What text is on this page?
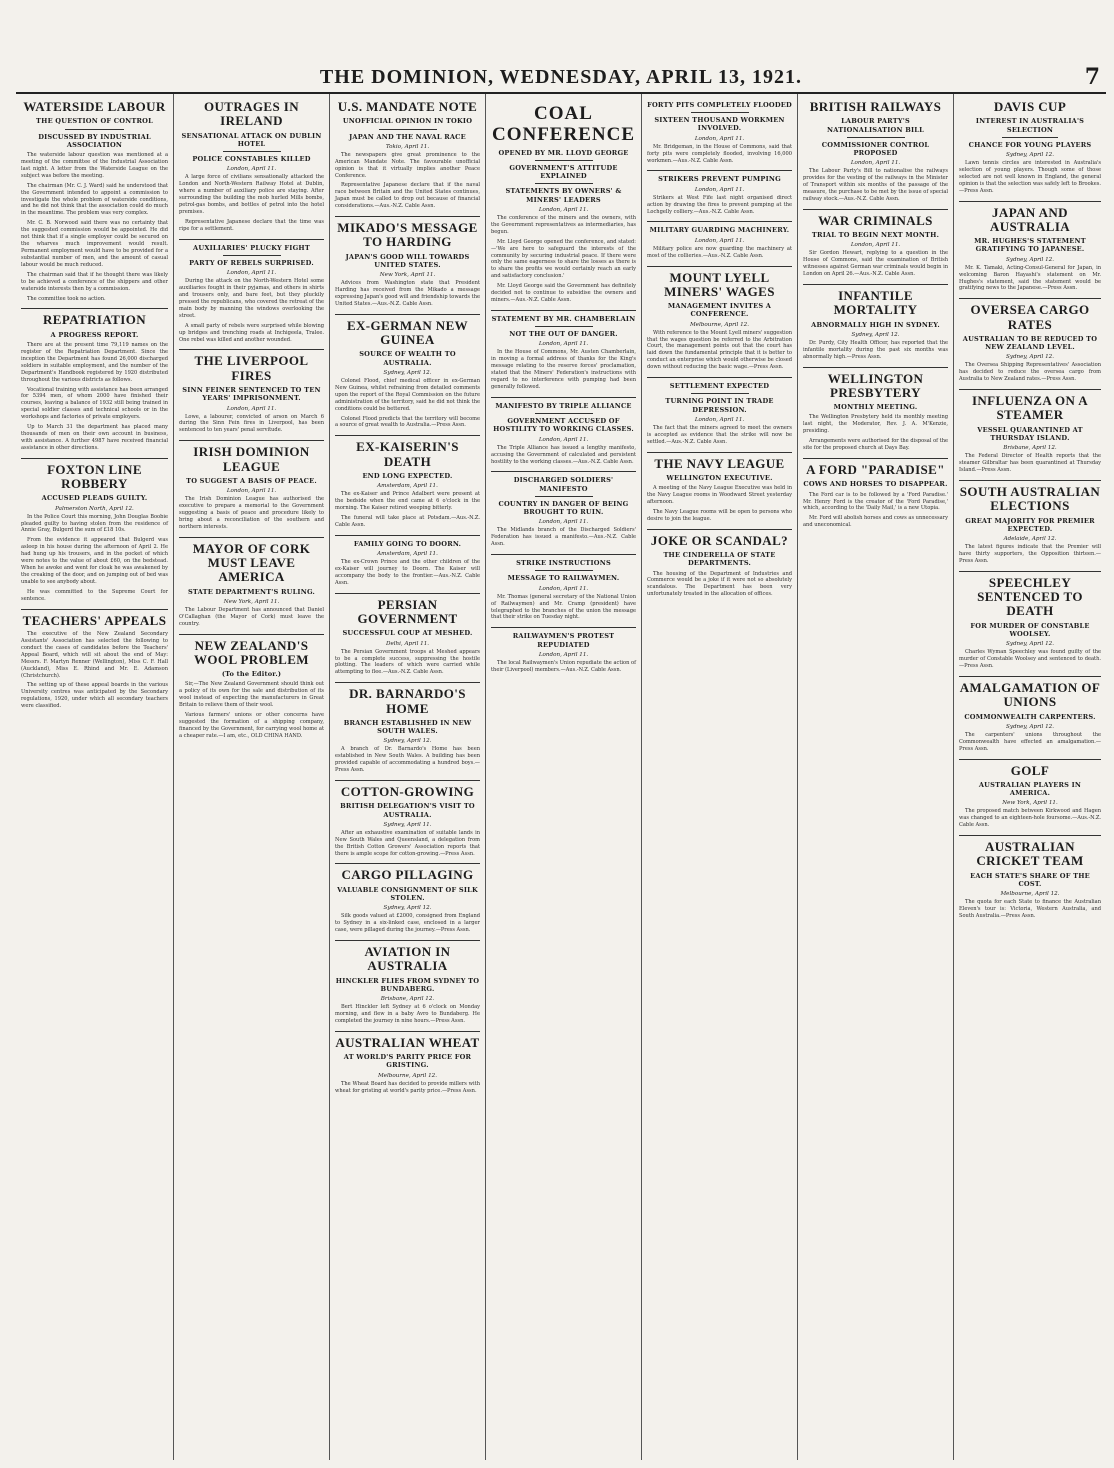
THE DOMINION, WEDNESDAY, APRIL 13, 1921.	7
WATERSIDE LABOUR
THE QUESTION OF CONTROL
DISCUSSED BY INDUSTRIAL ASSOCIATION

The waterside labour question was mentioned at a meeting of the committee of the Industrial Association last night. A letter from the Waterside League on the subject was before the meeting.

The chairman (Mr. C. J. Ward) said he understood that the Government intended to appoint a commission to investigate the whole problem of waterside conditions, and he did not think that the association could do much in the meantime. The problem was very complex.

Mr. C. B. Norwood said there was no certainty that the suggested commission would be appointed. He did not think that if a single employer could be secured on the wharves much improvement would result. Permanent employment would have to be provided for a substantial number of men, and the amount of casual labour would be much reduced.

The chairman said that if he thought there was likely to be achieved a conference of the shippers and other waterside interests then by a commission.

The committee took no action.

REPATRIATION
A PROGRESS REPORT.

There are at the present time 79,119 names on the register of the Repatriation Department. Since the inception the Department has found 26,000 discharged soldiers in suitable employment, and the number of the Department's Handbook registered by 1920 distributed throughout the various districts as follows.

Vocational training with assistance has been arranged for 5394 men, of whom 2000 have finished their courses, leaving a balance of 1932 still being trained in special soldier classes and technical schools or in the workshops and factories of private employers.

Up to March 31 the department has placed many thousands of men on their own account in business, with assistance. A further 4987 have received financial assistance in other directions.

FOXTON LINE ROBBERY
ACCUSED PLEADS GUILTY.
Palmerston North, April 12.

In the Police Court this morning, John Douglas Boobie pleaded guilty to having stolen from the residence of Annie Gray, Bulgerd the sum of £18 10s.

From the evidence it appeared that Bulgerd was asleep in his house during the afternoon of April 2. He had hung up his trousers, and in the pocket of which were notes to the value of about £60, on the bedstead. When he awoke and went for cloak he was awakened by the creaking of the door, and on jumping out of bed was unable to see anybody about.

He was committed to the Supreme Court for sentence.

TEACHERS' APPEALS

The executive of the New Zealand Secondary Assistants' Association has selected the following to conduct the cases of candidates before the Teachers' Appeal Board, which will sit about the end of May: Messrs. F. Martyn Renner (Wellington), Miss C. F. Hall (Auckland), Miss E. Rhind and Mr. E. Adamson (Christchurch).

The setting up of these appeal boards in the various University centres was anticipated by the Secondary regulations, 1920, under which all secondary teachers were classified.

OUTRAGES IN IRELAND
SENSATIONAL ATTACK ON DUBLIN HOTEL
POLICE CONSTABLES KILLED
London, April 11.

A large force of civilians sensationally attacked the London and North-Western Railway Hotel at Dublin, where a number of auxiliary police are staying. After surrounding the building the mob hurled Mills bombs, petrol-gas bombs, and bottles of petrol into the hotel premises.

Representative Japanese declare that the time was ripe for a settlement.

AUXILIARIES' PLUCKY FIGHT
PARTY OF REBELS SURPRISED.
London, April 11.

During the attack on the North-Western Hotel some auxiliaries fought in their pyjamas, and others in shirts and trousers only, and bare feet, but they pluckily pressed the republicans, who covered the retreat of the main body by manning the windows overlooking the street.

A small party of rebels were surprised while blowing up bridges and trenching roads at Inchigeela, Tralee. One rebel was killed and another wounded.

THE LIVERPOOL FIRES
SINN FEINER SENTENCED TO TEN YEARS' IMPRISONMENT.
London, April 11.

Lowe, a labourer, convicted of arson on March 6 during the Sinn Fein fires in Liverpool, has been sentenced to ten years' penal servitude.

IRISH DOMINION LEAGUE
TO SUGGEST A BASIS OF PEACE.
London, April 11.

The Irish Dominion League has authorised the executive to prepare a memorial to the Government suggesting a basis of peace and procedure likely to bring about a reconciliation of the southern and northern interests.

MAYOR OF CORK MUST LEAVE AMERICA
STATE DEPARTMENT'S RULING.
New York, April 11.

The Labour Department has announced that Daniel O'Callaghan (the Mayor of Cork) must leave the country.

NEW ZEALAND'S WOOL PROBLEM
(To the Editor.)

Sir,—The New Zealand Government should think out a policy of its own for the sale and distribution of its wool instead of expecting the manufacturers in Great Britain to relieve them of their wool.

Various farmers' unions or other concerns have suggested the formation of a shipping company, financed by the Government, for carrying wool home at a cheaper rate.—I am, etc., OLD CHINA HAND.

U.S. MANDATE NOTE
UNOFFICIAL OPINION IN TOKIO
JAPAN AND THE NAVAL RACE
Tokio, April 11.

The newspapers give great prominence to the American Mandate Note. The favourable unofficial opinion is that it virtually implies another Peace Conference.

Representative Japanese declare that if the naval race between Britain and the United States continues, Japan must be called to drop out because of financial considerations.—Aus.-N.Z. Cable Assn.

MIKADO'S MESSAGE TO HARDING
JAPAN'S GOOD WILL TOWARDS UNITED STATES.
New York, April 11.

Advices from Washington state that President Harding has received from the Mikado a message expressing Japan's good will and friendship towards the United States.—Aus.-N.Z. Cable Assn.

EX-GERMAN NEW GUINEA
SOURCE OF WEALTH TO AUSTRALIA.
Sydney, April 12.

Colonel Flood, chief medical officer in ex-German New Guinea, whilst refraining from detailed comments upon the report of the Royal Commission on the future administration of the territory, said he did not think the conditions could be bettered.

Colonel Flood predicts that the territory will become a source of great wealth to Australia.—Press Assn.

EX-KAISERIN'S DEATH
END LONG EXPECTED.
Amsterdam, April 11.

The ex-Kaiser and Prince Adalbert were present at the bedside when the end came at 6 o'clock in the morning. The Kaiser retired weeping bitterly.

The funeral will take place at Potsdam.—Aus.-N.Z. Cable Assn.

FAMILY GOING TO DOORN.
Amsterdam, April 11.

The ex-Crown Prince and the other children of the ex-Kaiser will journey to Doorn. The Kaiser will accompany the body to the frontier.—Aus.-N.Z. Cable Assn.

PERSIAN GOVERNMENT
SUCCESSFUL COUP AT MESHED.
Delhi, April 11.

The Persian Government troops at Meshed appears to be a complete success, suppressing the hostile plotting. The leaders of which were carried while attempting to flee.—Aus.-N.Z. Cable Assn.

DR. BARNARDO'S HOME
BRANCH ESTABLISHED IN NEW SOUTH WALES.
Sydney, April 12.

A branch of Dr. Barnardo's Home has been established in New South Wales. A building has been provided capable of accommodating a hundred boys.—Press Assn.

COTTON-GROWING
BRITISH DELEGATION'S VISIT TO AUSTRALIA.
Sydney, April 11.

After an exhaustive examination of suitable lands in New South Wales and Queensland, a delegation from the British Cotton Growers' Association reports that there is ample scope for cotton-growing.—Press Assn.

CARGO PILLAGING
VALUABLE CONSIGNMENT OF SILK STOLEN.
Sydney, April 12.

Silk goods valued at £2000, consigned from England to Sydney in a six-linked case, enclosed in a larger case, were pillaged during the journey.—Press Assn.

AVIATION IN AUSTRALIA
HINCKLER FLIES FROM SYDNEY TO BUNDABERG.
Brisbane, April 12.

Bert Hinckler left Sydney at 6 o'clock on Monday morning, and flew in a baby Avro to Bundaberg. He completed the journey in nine hours.—Press Assn.

AUSTRALIAN WHEAT
AT WORLD'S PARITY PRICE FOR GRISTING.
Melbourne, April 12.

The Wheat Board has decided to provide millers with wheat for gristing at world's parity price.—Press Assn.

COAL CONFERENCE
OPENED BY MR. LLOYD GEORGE
GOVERNMENT'S ATTITUDE EXPLAINED
STATEMENTS BY OWNERS' & MINERS' LEADERS
London, April 11.

The conference of the miners and the owners, with the Government representatives as intermediaries, has begun.

Mr. Lloyd George opened the conference, and stated:—'We are here to safeguard the interests of the community by securing industrial peace. If there were only the same eagerness to share the losses as there is to share the profits we would certainly reach an early and satisfactory conclusion.'

Mr. Lloyd George said the Government has definitely decided not to continue to subsidise the owners and miners.—Aus.-N.Z. Cable Assn.

STATEMENT BY MR. CHAMBERLAIN
NOT THE OUT OF DANGER.
London, April 11.

In the House of Commons, Mr. Austen Chamberlain, in moving a formal address of thanks for the King's message relating to the reserve forces' proclamation, stated that the Miners' Federation's instructions with regard to no interference with pumping had been generally followed.

MANIFESTO BY TRIPLE ALLIANCE
GOVERNMENT ACCUSED OF HOSTILITY TO WORKING CLASSES.
London, April 11.

The Triple Alliance has issued a lengthy manifesto, accusing the Government of calculated and persistent hostility to the working classes.—Aus.-N.Z. Cable Assn.

DISCHARGED SOLDIERS' MANIFESTO
COUNTRY IN DANGER OF BEING BROUGHT TO RUIN.
London, April 11.

The Midlands branch of the Discharged Soldiers' Federation has issued a manifesto.—Aus.-N.Z. Cable Assn.

STRIKE INSTRUCTIONS
MESSAGE TO RAILWAYMEN.
London, April 11.

Mr. Thomas (general secretary of the National Union of Railwaymen) and Mr. Cramp (president) have telegraphed to the branches of the union the message that their strike on Tuesday night.

RAILWAYMEN'S PROTEST REPUDIATED
London, April 11.

The local Railwaymen's Union repudiate the action of their (Liverpool) members.—Aus.-N.Z. Cable Assn.

FORTY PITS COMPLETELY FLOODED
SIXTEEN THOUSAND WORKMEN INVOLVED.
London, April 11.

Mr. Bridgeman, in the House of Commons, said that forty pits were completely flooded, involving 16,000 workmen.—Aus.-N.Z. Cable Assn.

STRIKERS PREVENT PUMPING
London, April 11.

Strikers at West Fife last night organised direct action by drawing the fires to prevent pumping at the Lochgelly colliery.—Aus.-N.Z. Cable Assn.

MILITARY GUARDING MACHINERY.
London, April 11.

Military police are now guarding the machinery at most of the collieries.—Aus.-N.Z. Cable Assn.

MOUNT LYELL MINERS' WAGES
MANAGEMENT INVITES A CONFERENCE.
Melbourne, April 12.

With reference to the Mount Lyell miners' suggestion that the wages question be referred to the Arbitration Court, the management points out that the court has laid down the fundamental principle that it is better to conduct an enterprise which would otherwise be closed down without reducing the basic wage.—Press Assn.

SETTLEMENT EXPECTED
TURNING POINT IN TRADE DEPRESSION.
London, April 11.

The fact that the miners agreed to meet the owners is accepted as evidence that the strike will now be settled.—Aus.-N.Z. Cable Assn.

THE NAVY LEAGUE
WELLINGTON EXECUTIVE.

A meeting of the Navy League Executive was held in the Navy League rooms in Woodward Street yesterday afternoon.

The Navy League rooms will be open to persons who desire to join the league.

JOKE OR SCANDAL?
THE CINDERELLA OF STATE DEPARTMENTS.

The housing of the Department of Industries and Commerce would be a joke if it were not so absolutely scandalous. The Department has been very unfortunately treated in the allocation of offices.

BRITISH RAILWAYS
LABOUR PARTY'S NATIONALISATION BILL
COMMISSIONER CONTROL PROPOSED
London, April 11.

The Labour Party's Bill to nationalise the railways provides for the vesting of the railways in the Minister of Transport within six months of the passage of the measure, the purchase to be met by the issue of special railway stock.—Aus.-N.Z. Cable Assn.

WAR CRIMINALS
TRIAL TO BEGIN NEXT MONTH.
London, April 11.

Sir Gordon Hewart, replying to a question in the House of Commons, said the examination of British witnesses against German war criminals would begin in London on April 26.—Aus.-N.Z. Cable Assn.

INFANTILE MORTALITY
ABNORMALLY HIGH IN SYDNEY.
Sydney, April 12.

Dr. Purdy, City Health Officer, has reported that the infantile mortality during the past six months was abnormally high.—Press Assn.

WELLINGTON PRESBYTERY
MONTHLY MEETING.

The Wellington Presbytery held its monthly meeting last night, the Moderator, Rev. J. A. M'Kenzie, presiding.

Arrangements were authorised for the disposal of the site for the proposed church at Days Bay.

A FORD "PARADISE"
COWS AND HORSES TO DISAPPEAR.

The Ford car is to be followed by a 'Ford Paradise.' Mr. Henry Ford is the creator of the 'Ford Paradise,' which, according to the 'Daily Mail,' is a new Utopia.

Mr. Ford will abolish horses and cows as unnecessary and uneconomical.

DAVIS CUP
INTEREST IN AUSTRALIA'S SELECTION
CHANCE FOR YOUNG PLAYERS
Sydney, April 12.

Lawn tennis circles are interested in Australia's selection of young players. Though some of those selected are not well known in England, the general opinion is that the selection was safely left to Brookes.—Press Assn.

JAPAN AND AUSTRALIA
MR. HUGHES'S STATEMENT GRATIFYING TO JAPANESE.
Sydney, April 12.

Mr. K. Tamaki, Acting-Consul-General for Japan, in welcoming Baron Hayashi's statement on Mr. Hughes's statement, said the statement would be gratifying news to the Japanese.—Press Assn.

OVERSEA CARGO RATES
AUSTRALIAN TO BE REDUCED TO NEW ZEALAND LEVEL.
Sydney, April 12.

The Oversea Shipping Representatives' Association has decided to reduce the oversea cargo from Australia to New Zealand rates.—Press Assn.

INFLUENZA ON A STEAMER
VESSEL QUARANTINED AT THURSDAY ISLAND.
Brisbane, April 12.

The Federal Director of Health reports that the steamer Gilbraltar has been quarantined at Thursday Island.—Press Assn.

SOUTH AUSTRALIAN ELECTIONS
GREAT MAJORITY FOR PREMIER EXPECTED.
Adelaide, April 12.

The latest figures indicate that the Premier will have thirty supporters, the Opposition thirteen.—Press Assn.

SPEECHLEY SENTENCED TO DEATH
FOR MURDER OF CONSTABLE WOOLSEY.
Sydney, April 12.

Charles Wyman Speechley was found guilty of the murder of Constable Woolsey and sentenced to death.—Press Assn.

AMALGAMATION OF UNIONS
COMMONWEALTH CARPENTERS.
Sydney, April 12.

The carpenters' unions throughout the Commonwealth have effected an amalgamation.—Press Assn.

GOLF
AUSTRALIAN PLAYERS IN AMERICA.
New York, April 11.

The proposed match between Kirkwood and Hagen was changed to an eighteen-hole foursome.—Aus.-N.Z. Cable Assn.

AUSTRALIAN CRICKET TEAM
EACH STATE'S SHARE OF THE COST.
Melbourne, April 12.

The quota for each State to finance the Australian Eleven's tour is: Victoria, Western Australia, and South Australia.—Press Assn.
